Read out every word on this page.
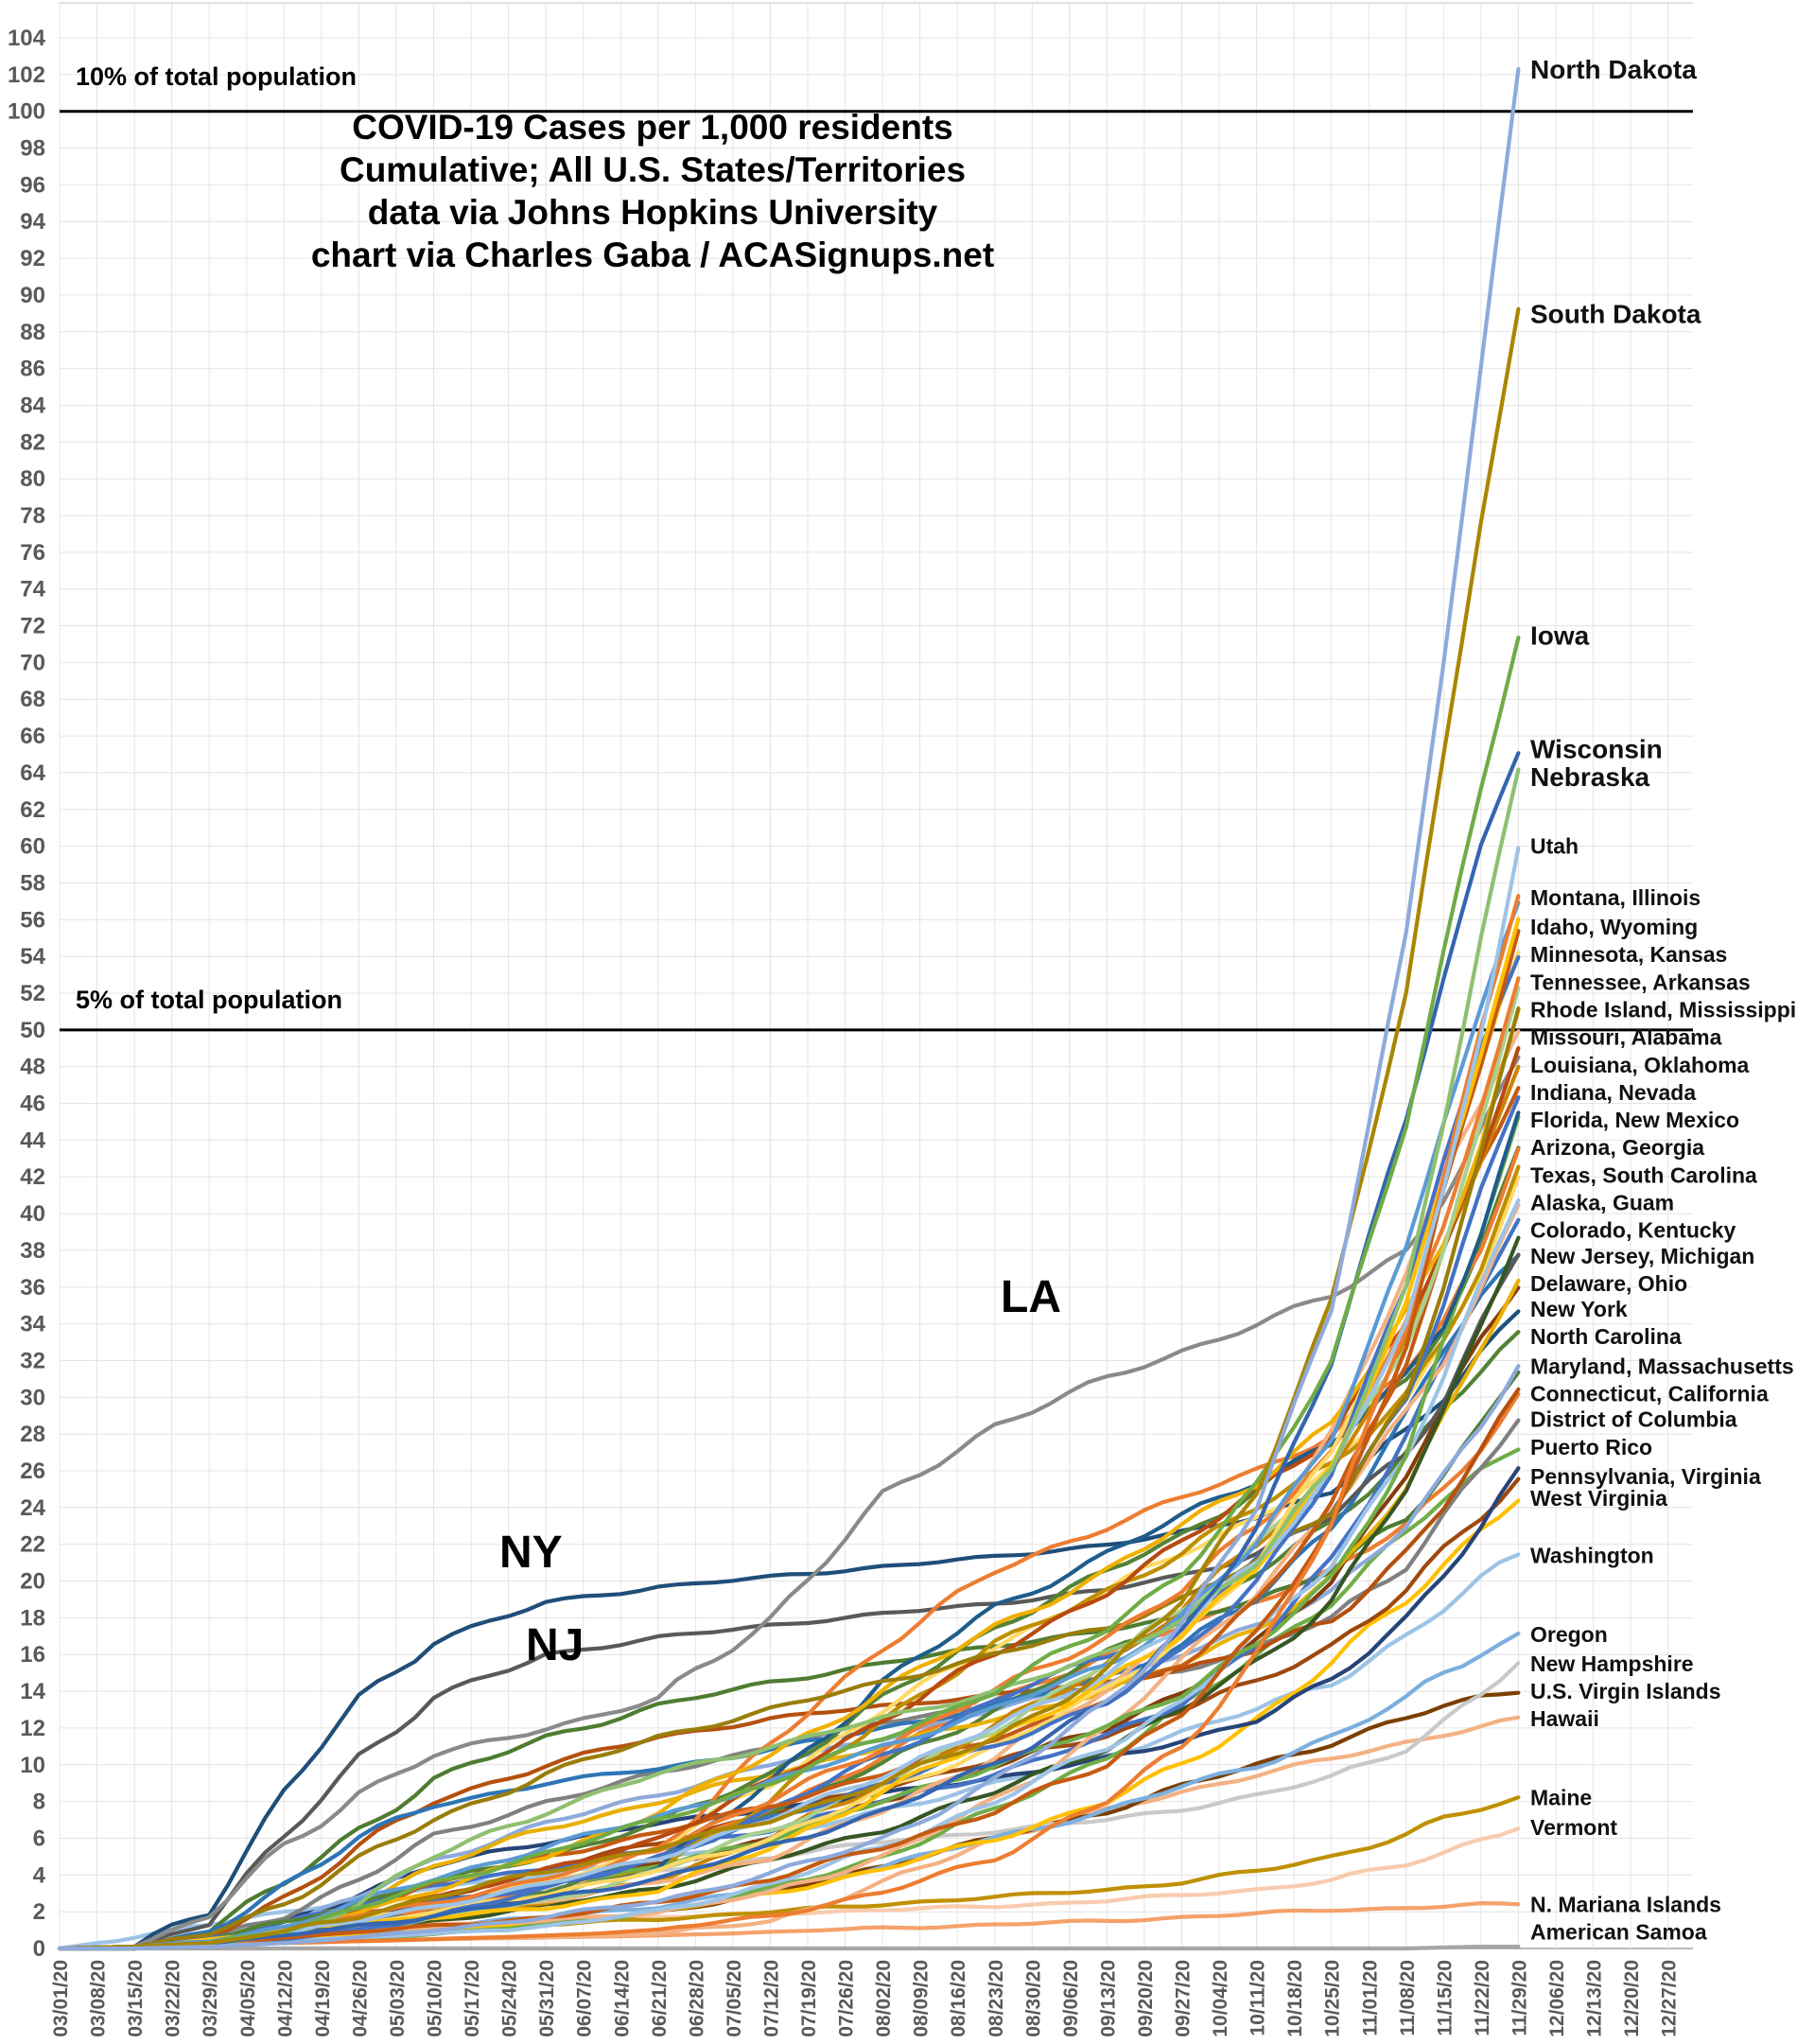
0
2
4
6
8
10
12
14
16
18
20
22
24
26
28
30
32
34
36
38
40
42
44
46
48
50
52
54
56
58
60
62
64
66
68
70
72
74
76
78
80
82
84
86
88
90
92
94
96
98
100
102
104
03/01/20 03/08/20 03/15/20 03/22/20 03/29/20 04/05/20 04/12/20 04/19/20 04/26/20 05/03/20 05/10/20 05/17/20 05/24/20 05/31/20 06/07/20 06/14/20 06/21/20 06/28/20 07/05/20 07/12/20 07/19/20 07/26/20 08/02/20 08/09/20 08/16/20 08/23/20 08/30/20 09/06/20 09/13/20 09/20/20 09/27/20 10/04/20 10/11/20 10/18/20 10/25/20 11/01/20 11/08/20 11/15/20 11/22/20 11/29/20 12/06/20 12/13/20 12/20/20 12/27/20
North Dakota
South Dakota
Iowa
Wisconsin
Nebraska
Utah
Montana, Illinois
Idaho, Wyoming
Minnesota, Kansas
Tennessee, Arkansas
Rhode Island, Mississippi
Missouri, Alabama
Louisiana, Oklahoma
Indiana, Nevada
Florida, New Mexico
Arizona, Georgia
Texas, South Carolina
Alaska, Guam
Colorado, Kentucky
New Jersey, Michigan
Delaware, Ohio
New York
North Carolina
Maryland, Massachusetts
Connecticut, California
District of Columbia
Puerto Rico
Pennsylvania, Virginia
West Virginia
Washington
Oregon
New Hampshire
U.S. Virgin Islands
Hawaii
Maine
Vermont
N. Mariana Islands
American Samoa
COVID-19 Cases per 1,000 residents
Cumulative; All U.S. States/Territories
data via Johns Hopkins University
chart via Charles Gaba / ACASignups.net
10% of total population
5% of total population
NY
NJ
LA
